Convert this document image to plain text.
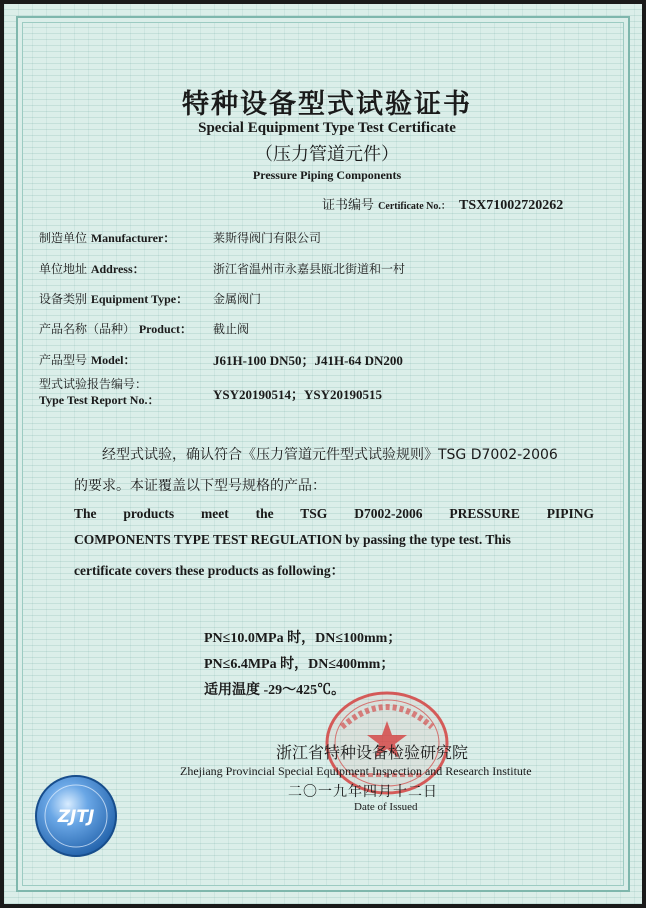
特种设备型式试验证书
Special Equipment Type Test Certificate
（压力管道元件）
Pressure Piping Components
证书编号 Certificate No.： TSX71002720262
制造单位 Manufacturer：	莱斯得阀门有限公司
单位地址 Address：	浙江省温州市永嘉县瓯北街道和一村
设备类别 Equipment Type： 金属阀门
产品名称（品种） Product： 截止阀
产品型号 Model：	J61H-100 DN50；J41H-64 DN200
型式试验报告编号：
Type Test Report No.：	YSY20190514；YSY20190515
经型式试验，确认符合《压力管道元件型式试验规则》TSG D7002-2006
的要求。本证覆盖以下型号规格的产品：
The products meet the TSG D7002-2006 PRESSURE PIPING
COMPONENTS TYPE TEST REGULATION by passing the type test. This
certificate covers these products as following：
PN≤10.0MPa 时，DN≤100mm；
PN≤6.4MPa 时，DN≤400mm；
适用温度 -29～425℃。
浙江省特种设备检验研究院
Zhejiang Provincial Special Equipment Inspection and Research Institute
二〇一九年四月十二日
Date of Issued
ZJTJ
